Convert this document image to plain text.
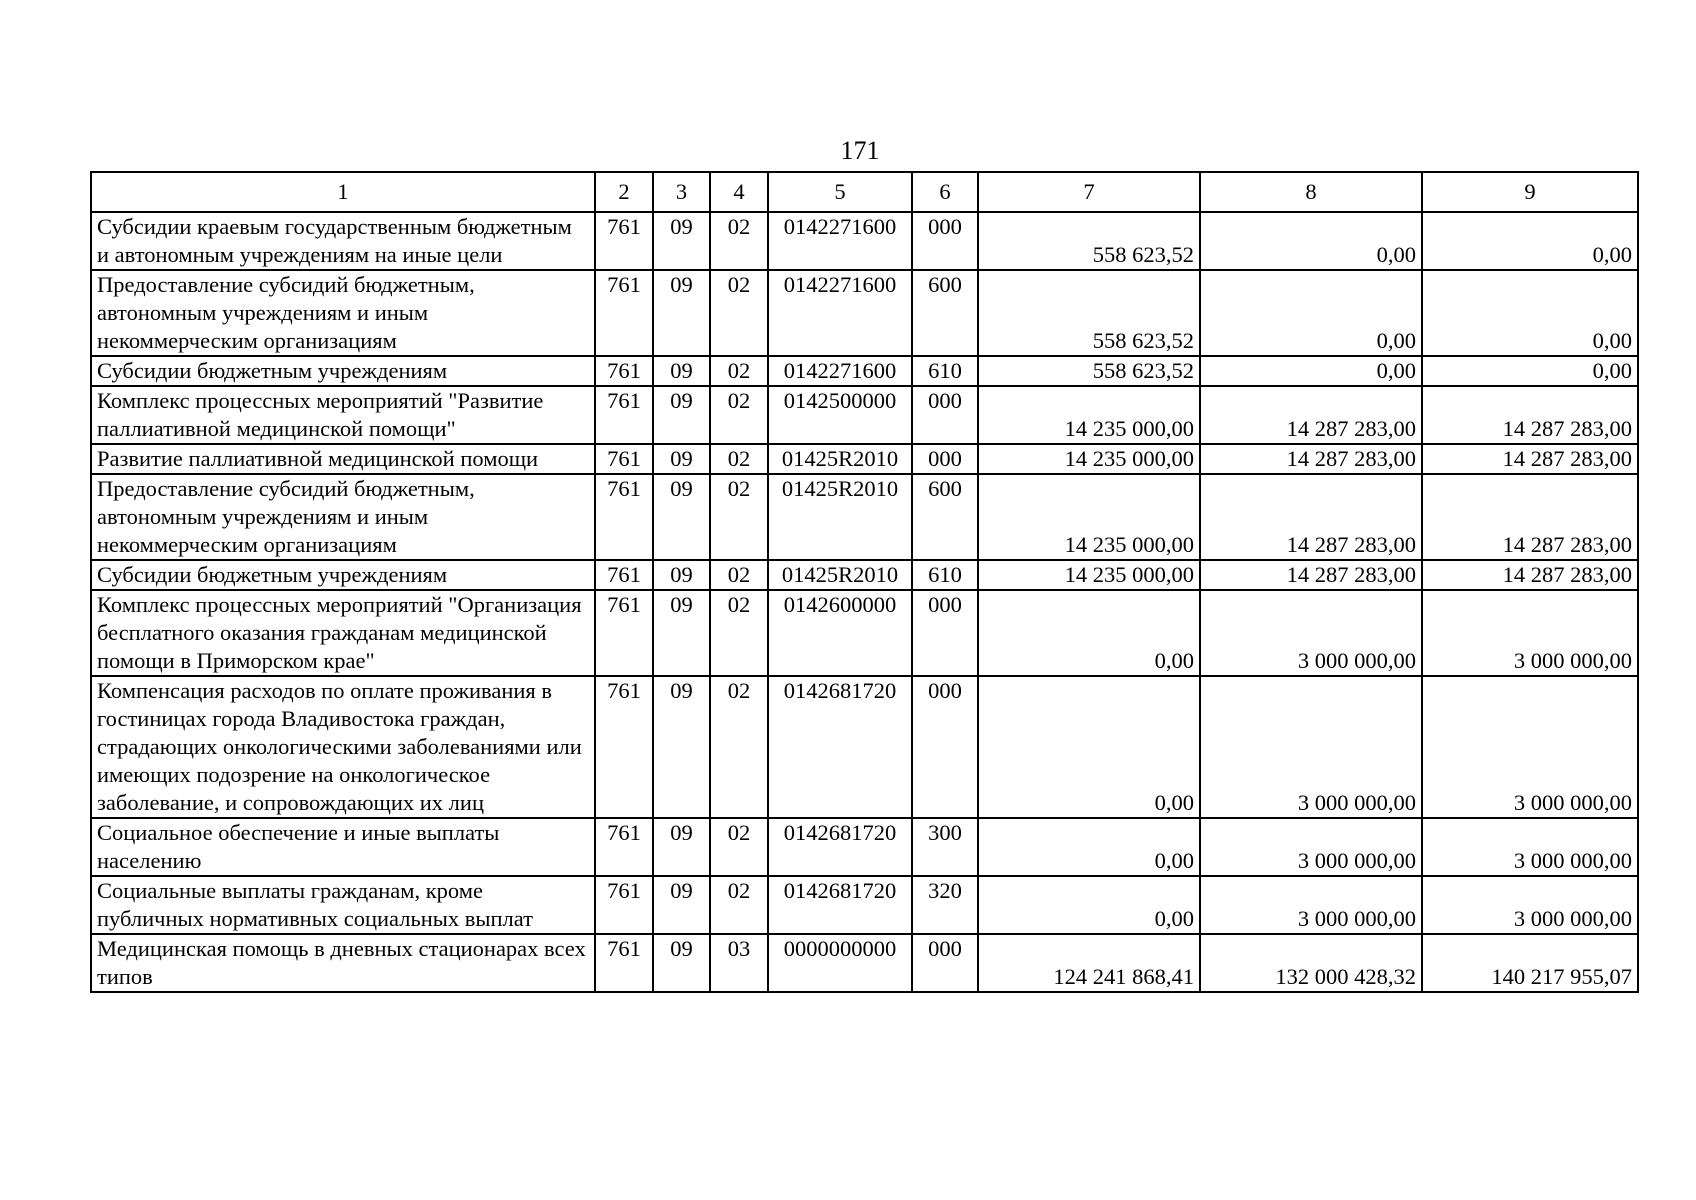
171
1	2	3	4	5	6	7	8	9
Субсидии краевым государственным бюджетным и автономным учреждениям на иные цели	761	09	02	0142271600	000	558 623,52	0,00	0,00
Предоставление субсидий бюджетным, автономным учреждениям и иным некоммерческим организациям	761	09	02	0142271600	600	558 623,52	0,00	0,00
Субсидии бюджетным учреждениям	761	09	02	0142271600	610	558 623,52	0,00	0,00
Комплекс процессных мероприятий "Развитие паллиативной медицинской помощи"	761	09	02	0142500000	000	14 235 000,00	14 287 283,00	14 287 283,00
Развитие паллиативной медицинской помощи	761	09	02	01425R2010	000	14 235 000,00	14 287 283,00	14 287 283,00
Предоставление субсидий бюджетным, автономным учреждениям и иным некоммерческим организациям	761	09	02	01425R2010	600	14 235 000,00	14 287 283,00	14 287 283,00
Субсидии бюджетным учреждениям	761	09	02	01425R2010	610	14 235 000,00	14 287 283,00	14 287 283,00
Комплекс процессных мероприятий "Организация бесплатного оказания гражданам медицинской помощи в Приморском крае"	761	09	02	0142600000	000	0,00	3 000 000,00	3 000 000,00
Компенсация расходов по оплате проживания в гостиницах города Владивостока граждан, страдающих онкологическими заболеваниями или имеющих подозрение на онкологическое заболевание, и сопровождающих их лиц	761	09	02	0142681720	000	0,00	3 000 000,00	3 000 000,00
Социальное обеспечение и иные выплаты населению	761	09	02	0142681720	300	0,00	3 000 000,00	3 000 000,00
Социальные выплаты гражданам, кроме публичных нормативных социальных выплат	761	09	02	0142681720	320	0,00	3 000 000,00	3 000 000,00
Медицинская помощь в дневных стационарах всех типов	761	09	03	0000000000	000	124 241 868,41	132 000 428,32	140 217 955,07
